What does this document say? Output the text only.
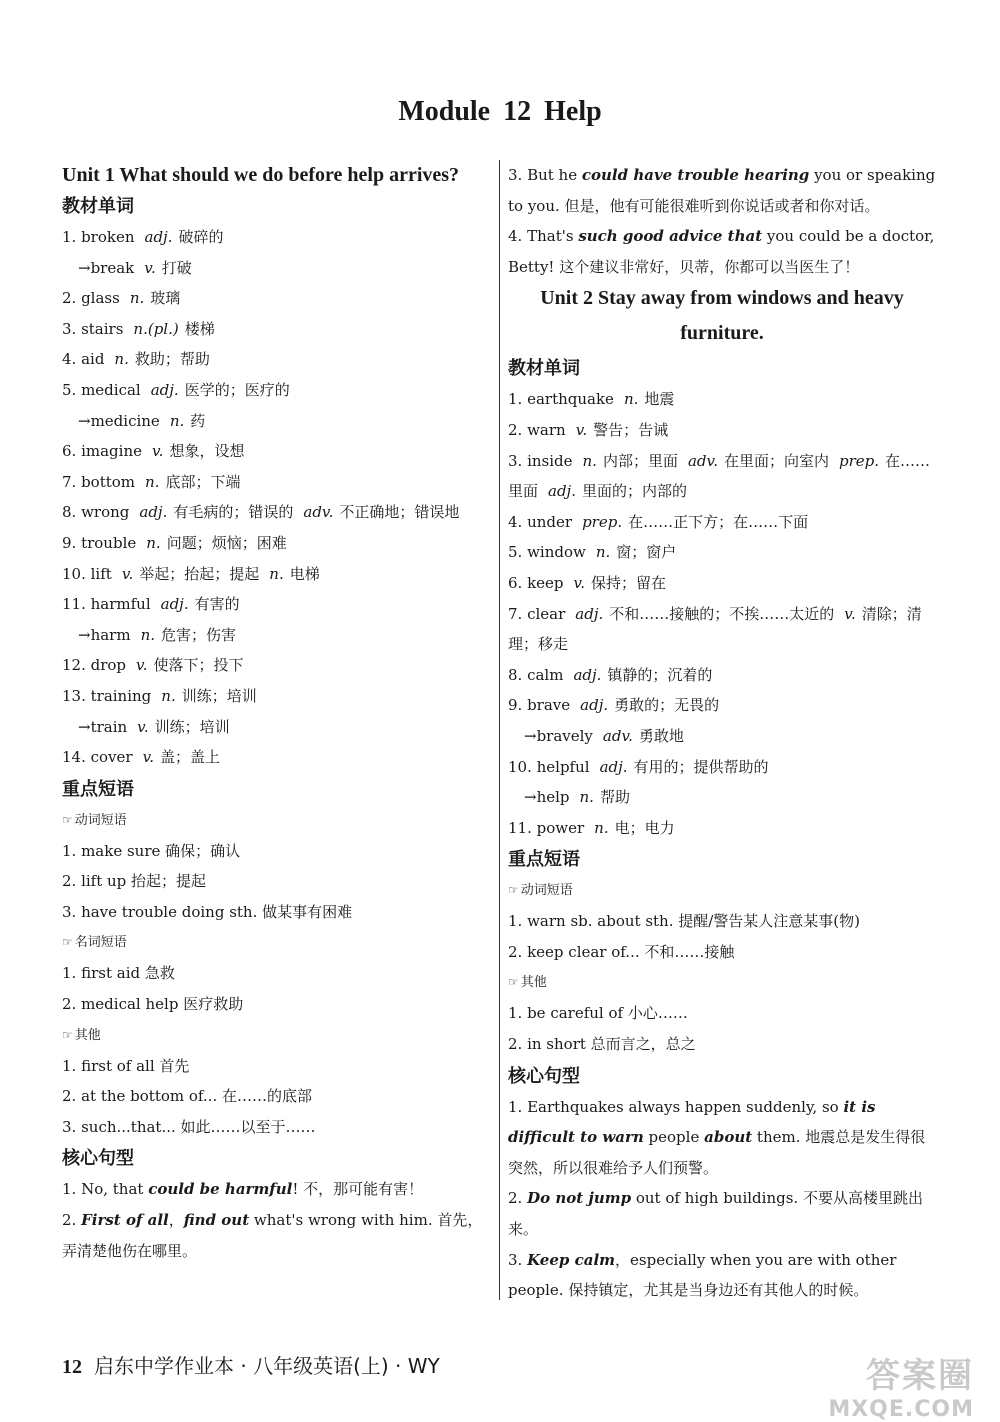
Module 12 Help
Unit 1 What should we do before help arrives?
教材单词
1. broken adj. 破碎的
→break v. 打破
2. glass n. 玻璃
3. stairs n.(pl.) 楼梯
4. aid n. 救助；帮助
5. medical adj. 医学的；医疗的
→medicine n. 药
6. imagine v. 想象，设想
7. bottom n. 底部；下端
8. wrong adj. 有毛病的；错误的 adv. 不正确地；错误地
9. trouble n. 问题；烦恼；困难
10. lift v. 举起；抬起；提起 n. 电梯
11. harmful adj. 有害的
→harm n. 危害；伤害
12. drop v. 使落下；投下
13. training n. 训练；培训
→train v. 训练；培训
14. cover v. 盖；盖上
重点短语
☞ 动词短语
1. make sure 确保；确认
2. lift up 抬起；提起
3. have trouble doing sth. 做某事有困难
☞ 名词短语
1. first aid 急救
2. medical help 医疗救助
☞ 其他
1. first of all 首先
2. at the bottom of... 在……的底部
3. such...that... 如此……以至于……
核心句型
1. No, that could be harmful! 不，那可能有害！
2. First of all，find out what's wrong with him. 首先，弄清楚他伤在哪里。
3. But he could have trouble hearing you or speaking to you. 但是，他有可能很难听到你说话或者和你对话。
4. That's such good advice that you could be a doctor, Betty! 这个建议非常好，贝蒂，你都可以当医生了！
Unit 2 Stay away from windows and heavy furniture.
教材单词
1. earthquake n. 地震
2. warn v. 警告；告诫
3. inside n. 内部；里面 adv. 在里面；向室内 prep. 在……里面 adj. 里面的；内部的
4. under prep. 在……正下方；在……下面
5. window n. 窗；窗户
6. keep v. 保持；留在
7. clear adj. 不和……接触的；不挨……太近的 v. 清除；清理；移走
8. calm adj. 镇静的；沉着的
9. brave adj. 勇敢的；无畏的
→bravely adv. 勇敢地
10. helpful adj. 有用的；提供帮助的
→help n. 帮助
11. power n. 电；电力
重点短语
☞ 动词短语
1. warn sb. about sth. 提醒/警告某人注意某事(物)
2. keep clear of... 不和……接触
☞ 其他
1. be careful of 小心……
2. in short 总而言之，总之
核心句型
1. Earthquakes always happen suddenly, so it is difficult to warn people about them. 地震总是发生得很突然，所以很难给予人们预警。
2. Do not jump out of high buildings. 不要从高楼里跳出来。
3. Keep calm，especially when you are with other people. 保持镇定，尤其是当身边还有其他人的时候。
12 启东中学作业本 · 八年级英语(上) · WY	答案圈
MXQE.COM
